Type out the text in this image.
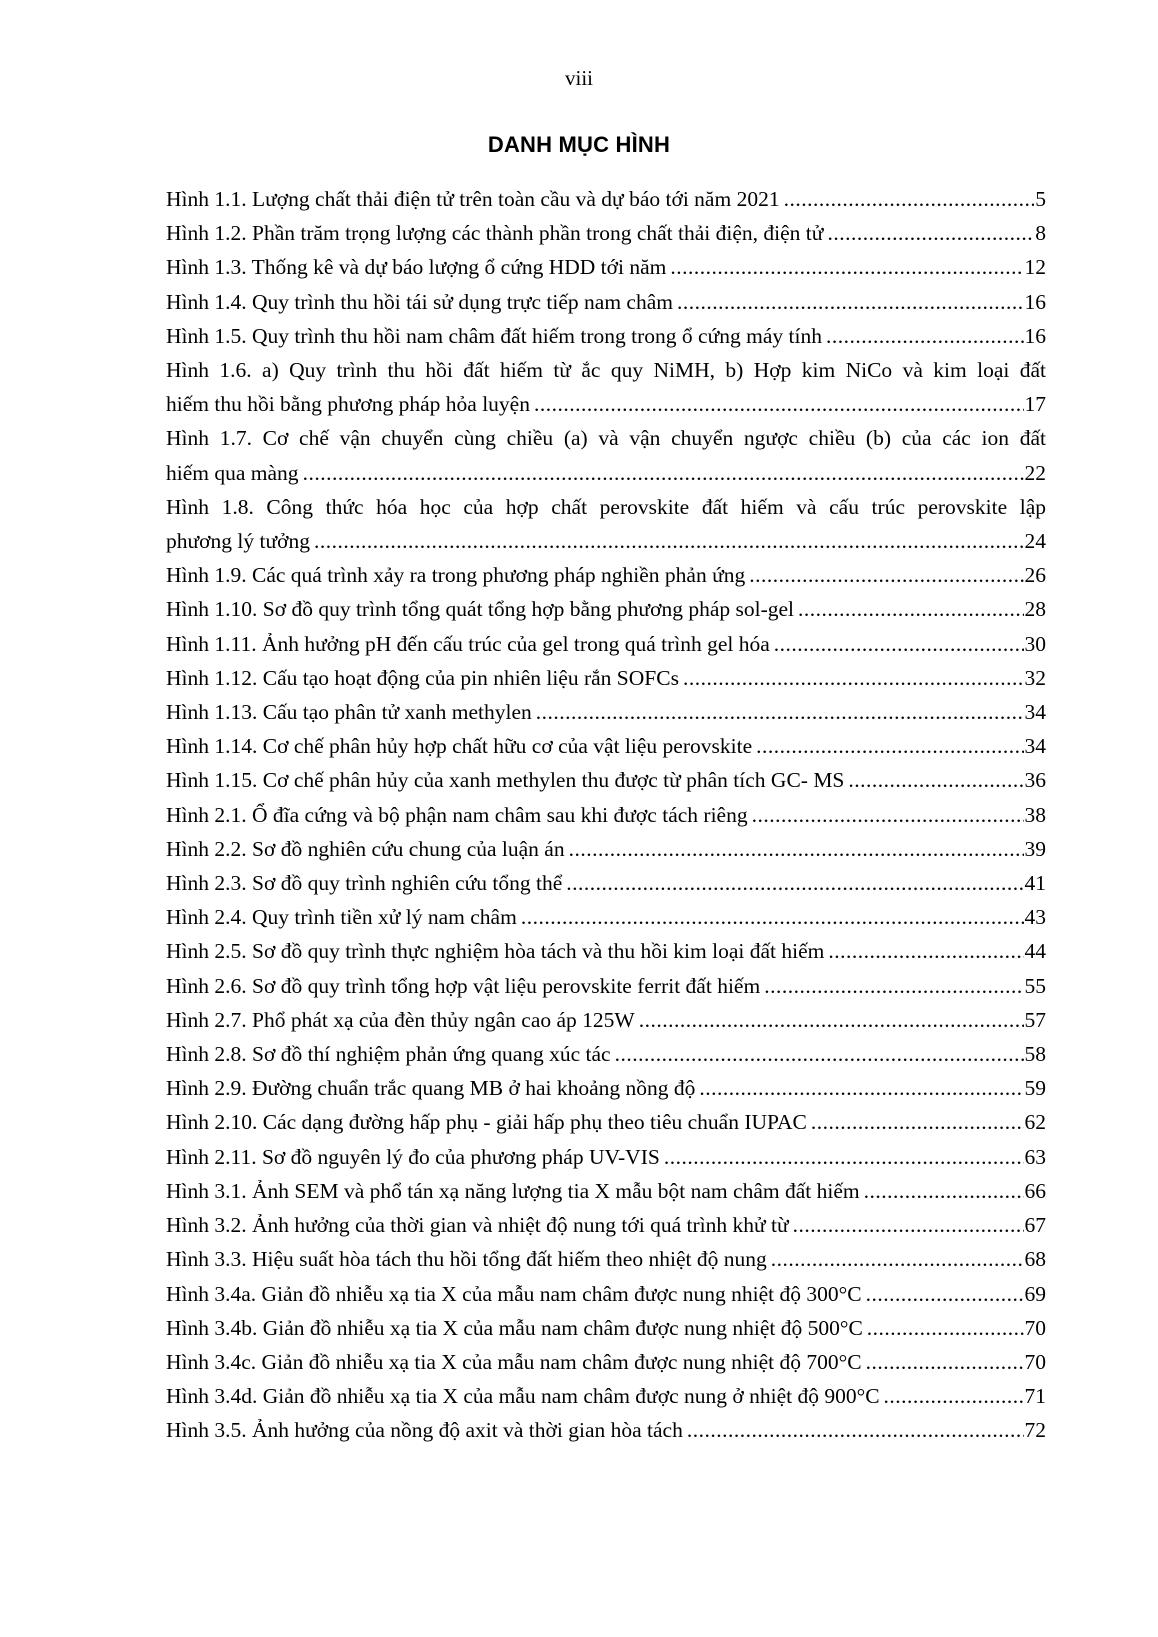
viii
DANH MỤC HÌNH
Hình 1.1. Lượng chất thải điện tử trên toàn cầu và dự báo tới năm 2021 .....	5
Hình 1.2. Phần trăm trọng lượng các thành phần trong chất thải điện, điện tử .....	8
Hình 1.3. Thống kê và dự báo lượng ổ cứng HDD tới năm .....	12
Hình 1.4. Quy trình thu hồi tái sử dụng trực tiếp nam châm .....	16
Hình 1.5. Quy trình thu hồi nam châm đất hiếm trong trong ổ cứng máy tính .....	16
Hình 1.6. a) Quy trình thu hồi đất hiếm từ ắc quy NiMH, b) Hợp kim NiCo và kim loại đất
hiếm thu hồi bằng phương pháp hỏa luyện .....	17
Hình 1.7. Cơ chế vận chuyển cùng chiều (a) và vận chuyển ngược chiều (b) của các ion đất
hiếm qua màng .....	22
Hình 1.8. Công thức hóa học của hợp chất perovskite đất hiếm và cấu trúc perovskite lập
phương lý tưởng .....	24
Hình 1.9. Các quá trình xảy ra trong phương pháp nghiền phản ứng .....	26
Hình 1.10. Sơ đồ quy trình tổng quát tổng hợp bằng phương pháp sol-gel .....	28
Hình 1.11. Ảnh hưởng pH đến cấu trúc của gel trong quá trình gel hóa .....	30
Hình 1.12. Cấu tạo hoạt động của pin nhiên liệu rắn SOFCs .....	32
Hình 1.13. Cấu tạo phân tử xanh methylen .....	34
Hình 1.14. Cơ chế phân hủy hợp chất hữu cơ của vật liệu perovskite .....	34
Hình 1.15. Cơ chế phân hủy của xanh methylen thu được từ phân tích GC- MS .....	36
Hình 2.1. Ổ đĩa cứng và bộ phận nam châm sau khi được tách riêng .....	38
Hình 2.2. Sơ đồ nghiên cứu chung của luận án .....	39
Hình 2.3. Sơ đồ quy trình nghiên cứu tổng thể .....	41
Hình 2.4. Quy trình tiền xử lý nam châm .....	43
Hình 2.5. Sơ đồ quy trình thực nghiệm hòa tách và thu hồi kim loại đất hiếm .....	44
Hình 2.6. Sơ đồ quy trình tổng hợp vật liệu perovskite ferrit đất hiếm .....	55
Hình 2.7. Phổ phát xạ của đèn thủy ngân cao áp 125W .....	57
Hình 2.8. Sơ đồ thí nghiệm phản ứng quang xúc tác .....	58
Hình 2.9. Đường chuẩn trắc quang MB ở hai khoảng nồng độ .....	59
Hình 2.10. Các dạng đường hấp phụ - giải hấp phụ theo tiêu chuẩn IUPAC .....	62
Hình 2.11. Sơ đồ nguyên lý đo của phương pháp UV-VIS .....	63
Hình 3.1. Ảnh SEM và phổ tán xạ năng lượng tia X mẫu bột nam châm đất hiếm .....	66
Hình 3.2. Ảnh hưởng của thời gian và nhiệt độ nung tới quá trình khử từ .....	67
Hình 3.3. Hiệu suất hòa tách thu hồi tổng đất hiếm theo nhiệt độ nung .....	68
Hình 3.4a. Giản đồ nhiễu xạ tia X của mẫu nam châm được nung nhiệt độ 300°C .....	69
Hình 3.4b. Giản đồ nhiễu xạ tia X của mẫu nam châm được nung nhiệt độ 500°C .....	70
Hình 3.4c. Giản đồ nhiễu xạ tia X của mẫu nam châm được nung nhiệt độ 700°C .....	70
Hình 3.4d. Giản đồ nhiễu xạ tia X của mẫu nam châm được nung ở nhiệt độ 900°C .....	71
Hình 3.5. Ảnh hưởng của nồng độ axit và thời gian hòa tách .....	72
